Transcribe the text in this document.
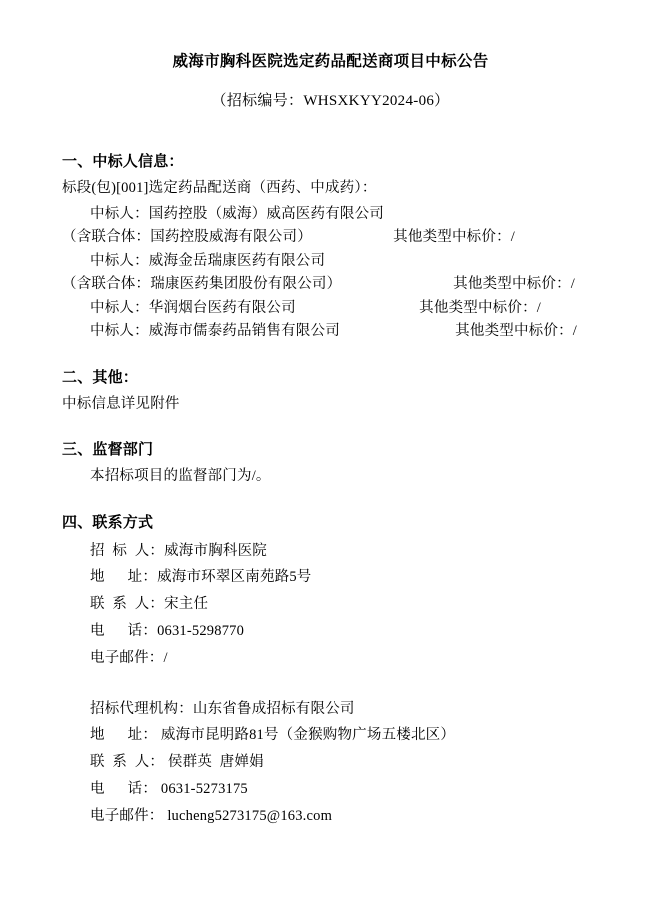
威海市胸科医院选定药品配送商项目中标公告
（招标编号：WHSXKYY2024-06）
一、中标人信息：
标段(包)[001]选定药品配送商（西药、中成药）：
中标人：国药控股（威海）威高医药有限公司
（含联合体：国药控股威海有限公司）	其他类型中标价：/
中标人：威海金岳瑞康医药有限公司
（含联合体：瑞康医药集团股份有限公司）	其他类型中标价：/
中标人：华润烟台医药有限公司	其他类型中标价：/
中标人：威海市儒泰药品销售有限公司	其他类型中标价：/
二、其他：
中标信息详见附件
三、监督部门
本招标项目的监督部门为/。
四、联系方式
招  标  人：威海市胸科医院
地      址：威海市环翠区南苑路5号
联  系  人：宋主任
电      话：0631-5298770
电子邮件：/
招标代理机构：山东省鲁成招标有限公司
地      址： 威海市昆明路81号（金猴购物广场五楼北区）
联  系  人： 侯群英  唐婵娟
电      话： 0631-5273175
电子邮件： lucheng5273175@163.com
